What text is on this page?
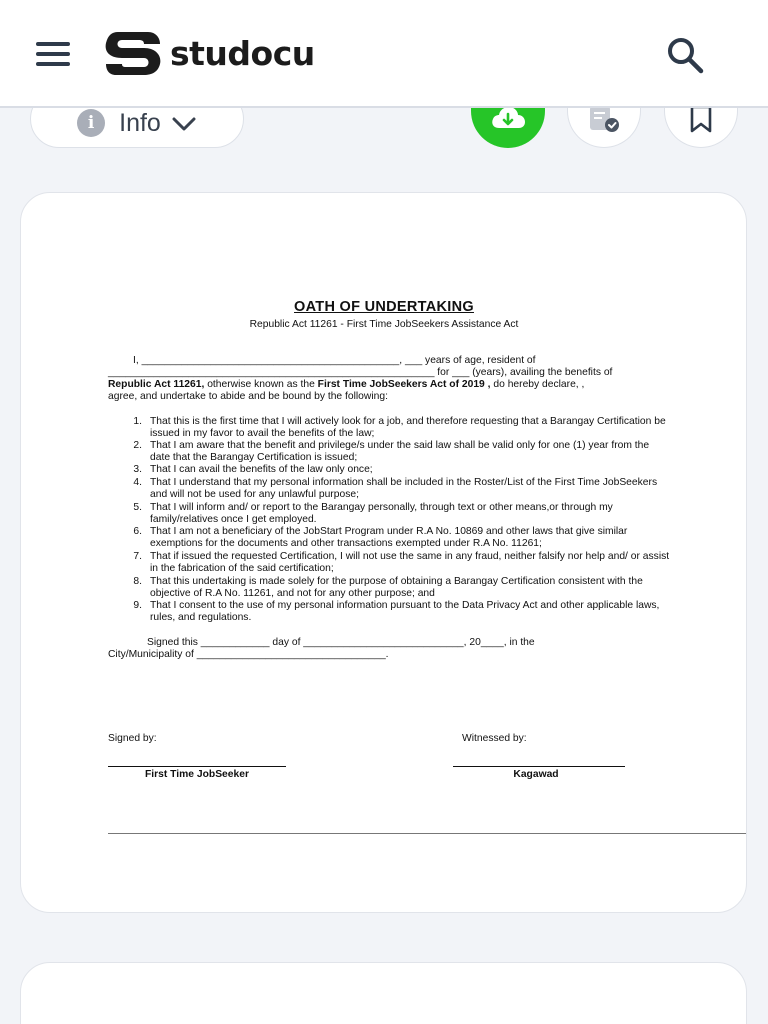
studocu
i Info
OATH OF UNDERTAKING
Republic Act 11261 - First Time JobSeekers Assistance Act
I, _____________________________________________, ___ years of age, resident of
_________________________________________________________ for ___ (years), availing the benefits of
Republic Act 11261, otherwise known as the First Time JobSeekers Act of 2019 , do hereby declare, ,
agree, and undertake to abide and be bound by the following:
1. That this is the first time that I will actively look for a job, and therefore requesting that a Barangay Certification be issued in my favor to avail the benefits of the law;
2. That I am aware that the benefit and privilege/s under the said law shall be valid only for one (1) year from the date that the Barangay Certification is issued;
3. That I can avail the benefits of the law only once;
4. That I understand that my personal information shall be included in the Roster/List of the First Time JobSeekers and will not be used for any unlawful purpose;
5. That I will inform and/ or report to the Barangay personally, through text or other means,or through my family/relatives once I get employed.
6. That I am not a beneficiary of the JobStart Program under R.A No. 10869 and other laws that give similar exemptions for the documents and other transactions exempted under R.A No. 11261;
7. That if issued the requested Certification, I will not use the same in any fraud, neither falsify nor help and/ or assist in the fabrication of the said certification;
8. That this undertaking is made solely for the purpose of obtaining a Barangay Certification consistent with the objective of R.A No. 11261, and not for any other purpose; and
9. That I consent to the use of my personal information pursuant to the Data Privacy Act and other applicable laws, rules, and regulations.
Signed this ____________ day of ____________________________, 20____, in the
City/Municipality of _________________________________.
Signed by:	Witnessed by:
First Time JobSeeker	Kagawad
